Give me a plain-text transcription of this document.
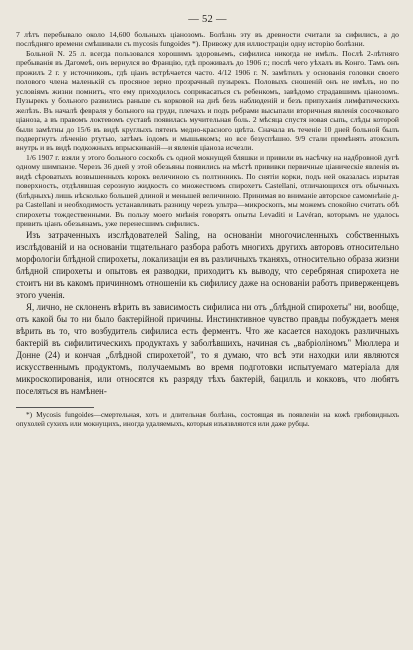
— 52 —

7 лѣтъ перебывало около 14,600 больныхъ ціанозомъ. Болѣзнь эту въ древности считали за сифилисъ, а до послѣдняго времени смѣшивали съ mycosis fungoides *). Привожу для иллюстраціи одну исторію болѣзни.

Больной N. 25 л. всегда пользовался хорошимъ здоровьемъ, сифилиса никогда не имѣлъ. Послѣ 2-лѣтняго пребыванія въ Дагомеѣ, онъ вернулся во Францію, гдѣ проживалъ до 1906 г.; послѣ чего уѣхалъ въ Конго. Тамъ онъ прожилъ 2 г. у источниковъ, гдѣ ціанъ встрѣчается часто. 4/12 1906 г. N. замѣтилъ у основанія головки своего полового члена маленькій съ просяное зерно прозрачный пузырекъ. Половыхъ сношеній онъ не имѣлъ, но по условіямъ жизни помнитъ, что ему приходилось соприкасаться съ ребенкомъ, завѣдомо страдавшимъ ціанозомъ. Пузырекъ у больного развились раньше съ корковой на днѣ безъ наблюденій и безъ припухаиія лимфатическихъ желѣзъ. Въ началѣ февраля у больного на груди, плечахъ и подъ ребрами высыпали вторичныя явленія сосочковаго ціаноза, а въ правомъ локтевомъ суставѣ появилась мучительная боль. 2 мѣсяца спустя новая сыпь, слѣды которой были замѣтны до 15/6 въ видѣ круглыхъ пятенъ медно-красного цвѣта. Сначала въ теченіе 10 дней больной былъ подвергнутъ лѣченію ртутью, затѣмъ іодомъ и мышьякомъ; но все безуспѣшно. 9/9 стали примѣнять атоксилъ внутрь и въ видѣ подкожныхъ впрыскиваній—и явленія ціаноза исчезли.

1/6 1907 г. взяли у этого больного соскобъ съ одной мокнущей бляшки и привили въ насѣчку на надбровной дугѣ одному шимпанзе. Черезъ 36 дней у этой обезьяны появились на мѣстѣ прививки первичные ціаническіе явленія въ видѣ сѣроватыхъ возвышенныхъ корокъ величиною съ полтинникъ. По снятіи корки, подъ ней оказалась изрытая поверхность, отдѣлявшая серозную жидкость со множествомъ спирохетъ Castellani, отличающихся отъ обычныхъ (блѣдныхъ) лишь нѣсколько большей длиной и меньшей величиною. Принимая во вниманіе авторское самомнѣніе д-ра Castellani и необходимость устанавливать разницу черезъ ультра—микроскопъ, мы можемъ спокойно считать обѣ спирохеты тождественными. Въ пользу моего мнѣнія говорятъ опыты Levaditi и Lavéran, которымъ не удалось привить ціанъ обезьянамъ, уже перенесшимъ сифилисъ.

Изъ затраченныхъ изслѣдователей Saling, на основаніи многочисленныхъ собственныхъ изслѣдованій и на основаніи тщательнаго разбора работъ многихъ другихъ авторовъ относительно морфологіи блѣдной спирохеты, локализаціи ея въ различныхъ тканяхъ, относительно образа жизни блѣдной спирохеты и опытовъ ея разводки, приходитъ къ выводу, что серебряная спирохета не стоитъ ни въ какомъ причинномъ отношеніи къ сифилису даже на основаніи работъ приверженцевъ этого ученія.

Я, лично, не склоненъ вѣрить въ зависимость сифилиса ни отъ „блѣдной спирохеты" ни, вообще, отъ какой бы то ни было бактерійной причины. Инстинктивное чувство правды побуждаетъ меня вѣрить въ то, что возбудитель сифилиса есть ферментъ. Что же касается находокъ различныхъ бактерій въ сифилитическихъ продуктахъ у заболѣвшихъ, начиная съ „вабріоліномъ" Мюллера и Донне (24) и кончая „блѣдной спирохетой", то я думаю, что всѣ эти находки или являются искусственнымъ продуктомъ, получаемымъ во время подготовки испытуемаго матеріала для микроскопированія, или относятся къ разряду тѣхъ бактерій, бацилль и кокковъ, что любятъ поселяться въ намѣнен-

*) Mycosis fungoides—смертельная, хоть и длительная болѣзнь, состоящая въ появленіи на кожѣ грибовидныхъ опухолей сухихъ или мокнущихъ, иногда удаляемыхъ, которыя изъязвляются или даже рубцы.
